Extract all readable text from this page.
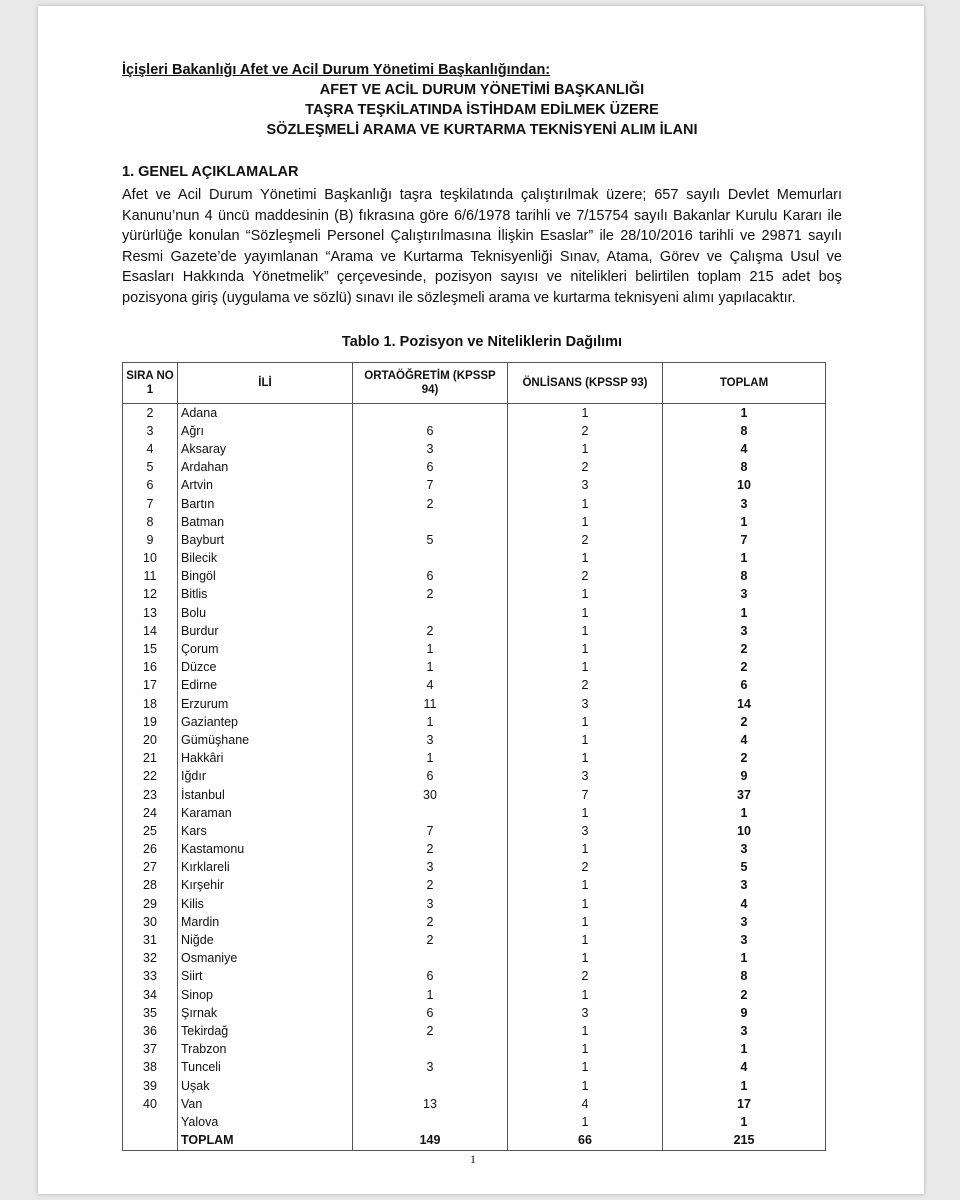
İçişleri Bakanlığı Afet ve Acil Durum Yönetimi Başkanlığından:
AFET VE ACİL DURUM YÖNETİMİ BAŞKANLIĞI
TAŞRA TEŞKİLATINDA İSTİHDAM EDİLMEK ÜZERE
SÖZLEŞMELİ ARAMA VE KURTARMA TEKNİSYENİ ALIM İLANI
1. GENEL AÇIKLAMALAR
Afet ve Acil Durum Yönetimi Başkanlığı taşra teşkilatında çalıştırılmak üzere; 657 sayılı Devlet Memurları Kanunu’nun 4 üncü maddesinin (B) fıkrasına göre 6/6/1978 tarihli ve 7/15754 sayılı Bakanlar Kurulu Kararı ile yürürlüğe konulan “Sözleşmeli Personel Çalıştırılmasına İlişkin Esaslar” ile 28/10/2016 tarihli ve 29871 sayılı Resmi Gazete’de yayımlanan “Arama ve Kurtarma Teknisyenliği Sınav, Atama, Görev ve Çalışma Usul ve Esasları Hakkında Yönetmelik” çerçevesinde, pozisyon sayısı ve nitelikleri belirtilen toplam 215 adet boş pozisyona giriş (uygulama ve sözlü) sınavı ile sözleşmeli arama ve kurtarma teknisyeni alımı yapılacaktır.
Tablo 1. Pozisyon ve Niteliklerin Dağılımı
SIRA NO 1	İLİ	ORTAÖĞRETİM (KPSSP 94)	ÖNLİSANS (KPSSP 93)	TOPLAM
2	Adana		1	1
3	Ağrı	6	2	8
4	Aksaray	3	1	4
5	Ardahan	6	2	8
6	Artvin	7	3	10
7	Bartın	2	1	3
8	Batman		1	1
9	Bayburt	5	2	7
10	Bilecik		1	1
11	Bingöl	6	2	8
12	Bitlis	2	1	3
13	Bolu		1	1
14	Burdur	2	1	3
15	Çorum	1	1	2
16	Düzce	1	1	2
17	Edirne	4	2	6
18	Erzurum	11	3	14
19	Gaziantep	1	1	2
20	Gümüşhane	3	1	4
21	Hakkâri	1	1	2
22	Iğdır	6	3	9
23	İstanbul	30	7	37
24	Karaman		1	1
25	Kars	7	3	10
26	Kastamonu	2	1	3
27	Kırklareli	3	2	5
28	Kırşehir	2	1	3
29	Kilis	3	1	4
30	Mardin	2	1	3
31	Niğde	2	1	3
32	Osmaniye		1	1
33	Siirt	6	2	8
34	Sinop	1	1	2
35	Şırnak	6	3	9
36	Tekirdağ	2	1	3
37	Trabzon		1	1
38	Tunceli	3	1	4
39	Uşak		1	1
40	Van	13	4	17
	Yalova		1	1
	TOPLAM	149	66	215
1
